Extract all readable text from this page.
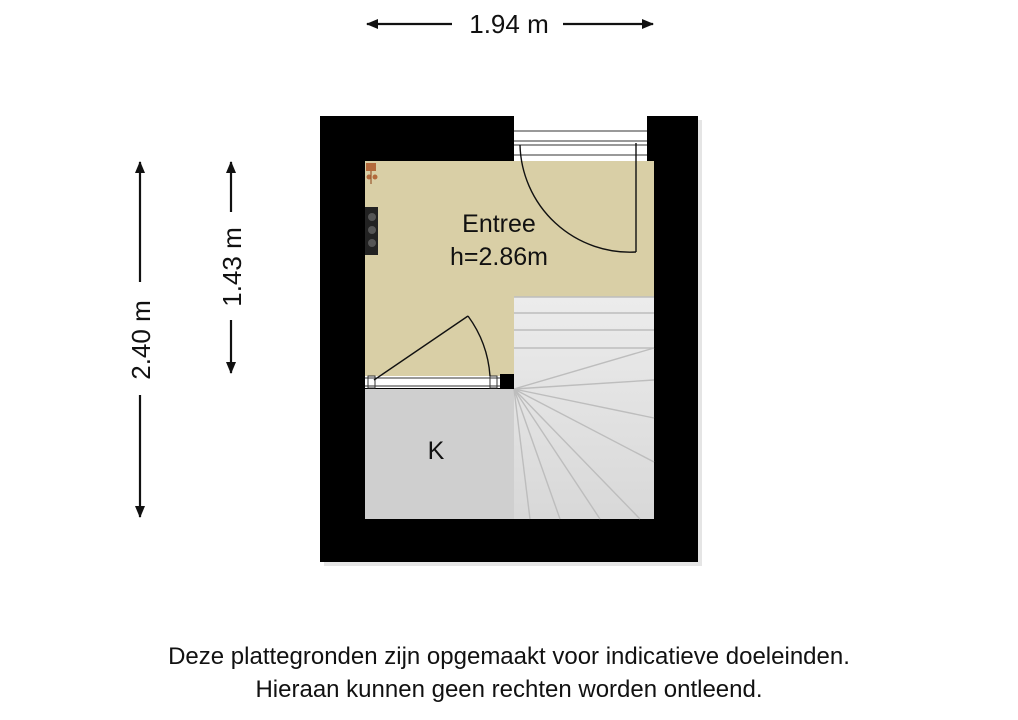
1.94 m
2.40 m
1.43 m
Entree
h=2.86m
K
Deze plattegronden zijn opgemaakt voor indicatieve doeleinden.
Hieraan kunnen geen rechten worden ontleend.
